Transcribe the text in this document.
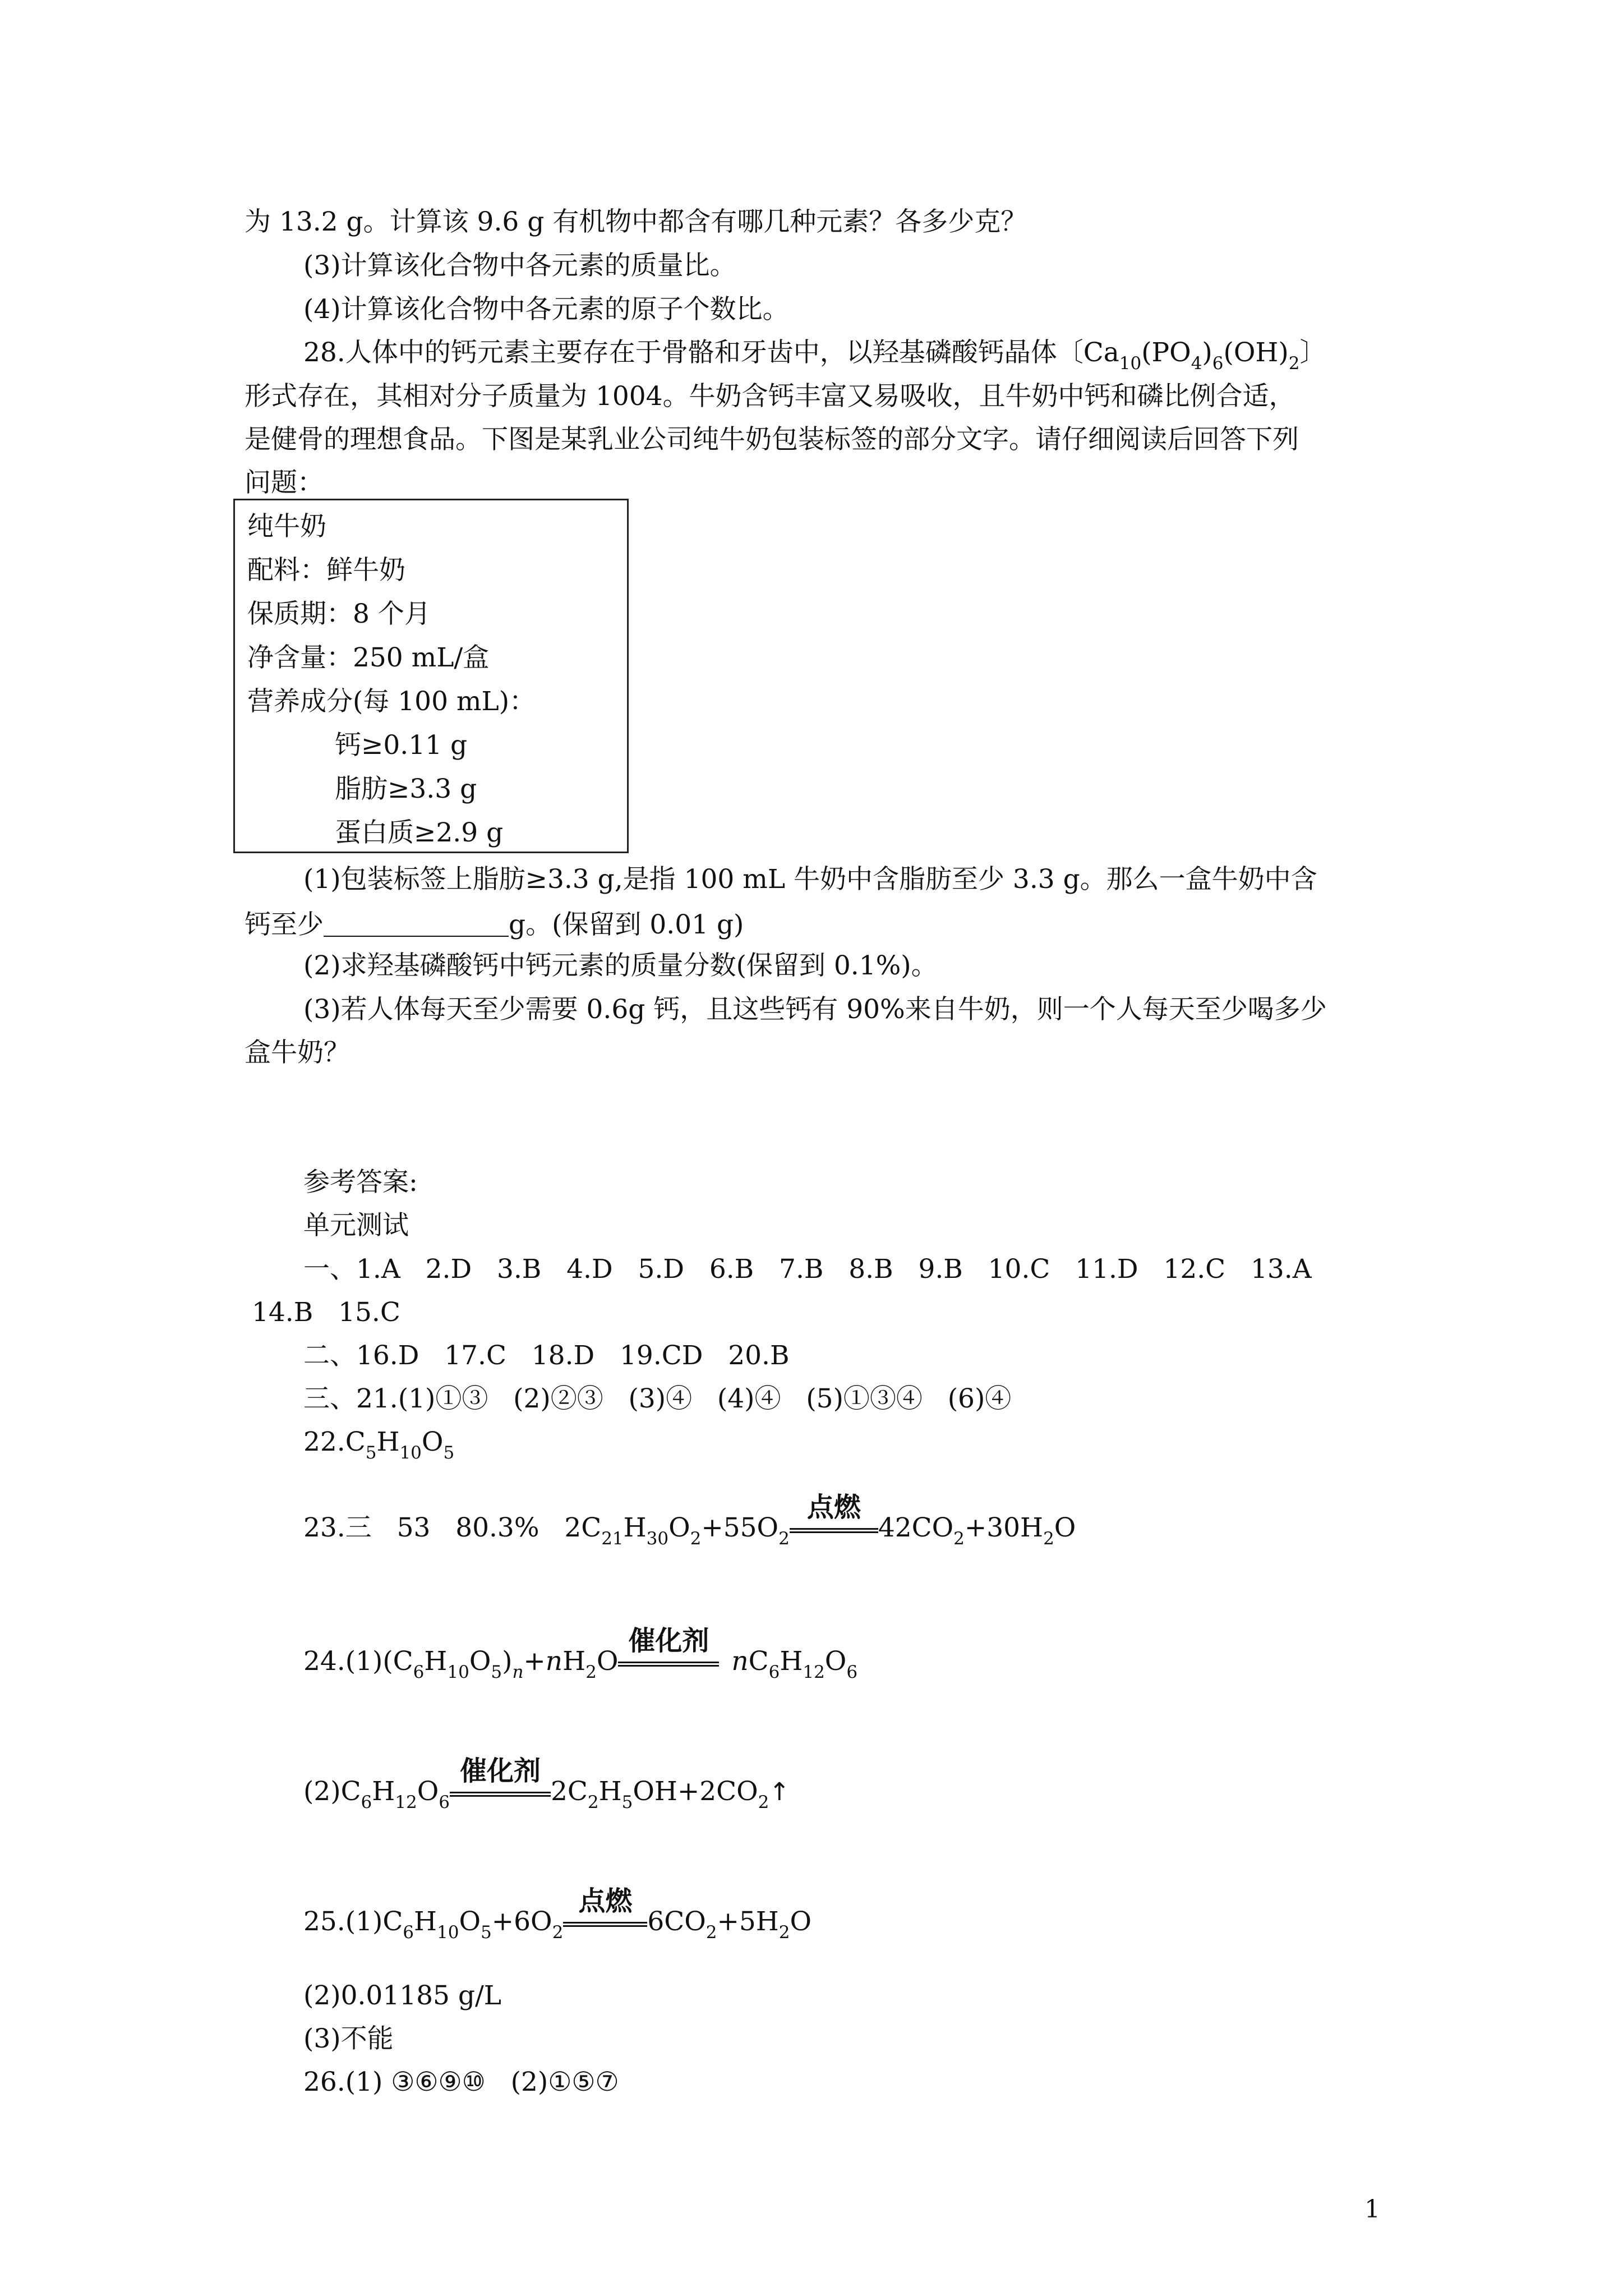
为 13.2 g。计算该 9.6 g 有机物中都含有哪几种元素？各多少克？
(3)计算该化合物中各元素的质量比。
(4)计算该化合物中各元素的原子个数比。
28.人体中的钙元素主要存在于骨骼和牙齿中，以羟基磷酸钙晶体〔$Ca_{10}(PO_4)_6(OH)_2$〕
形式存在，其相对分子质量为 1004。牛奶含钙丰富又易吸收，且牛奶中钙和磷比例合适，
是健骨的理想食品。下图是某乳业公司纯牛奶包装标签的部分文字。请仔细阅读后回答下列
问题：
纯牛奶
配料：鲜牛奶
保质期：8 个月
净含量：250 mL/盒
营养成分(每 100 mL)：
钙≥0.11 g
脂肪≥3.3 g
蛋白质≥2.9 g
(1)包装标签上脂肪≥3.3 g,是指 100 mL 牛奶中含脂肪至少 3.3 g。那么一盒牛奶中含
钙至少	g。(保留到 0.01 g)
(2)求羟基磷酸钙中钙元素的质量分数(保留到 0.1%)。
(3)若人体每天至少需要 0.6g 钙，且这些钙有 90%来自牛奶，则一个人每天至少喝多少
盒牛奶？
参考答案:
单元测试
一、1.A   2.D   3.B   4.D   5.D   6.B   7.B   8.B   9.B   10.C   11.D   12.C   13.A
14.B   15.C
二、16.D   17.C   18.D   19.CD   20.B
三、21.(1)①③   (2)②③   (3)④   (4)④   (5)①③④   (6)④
$22.C_5H_{10}O_5$
23.三   53   80.3%   $2C_{21}H_{30}O_2+55O_2$
点燃
$42CO_2+30H_2O$
$24.(1)(C_6H_{10}O_5)_n+nH_2O$
催化剂
$nC_6H_{12}O_6$
$(2)C_6H_{12}O_6$
催化剂
$2C_2H_5OH+2CO_2↑$
$25.(1)C_6H_{10}O_5+6O_2$
点燃
$6CO_2+5H_2O$
(2)0.01185 g/L
(3)不能
26.(1) ③⑥⑨⑩   (2)①⑤⑦
1
